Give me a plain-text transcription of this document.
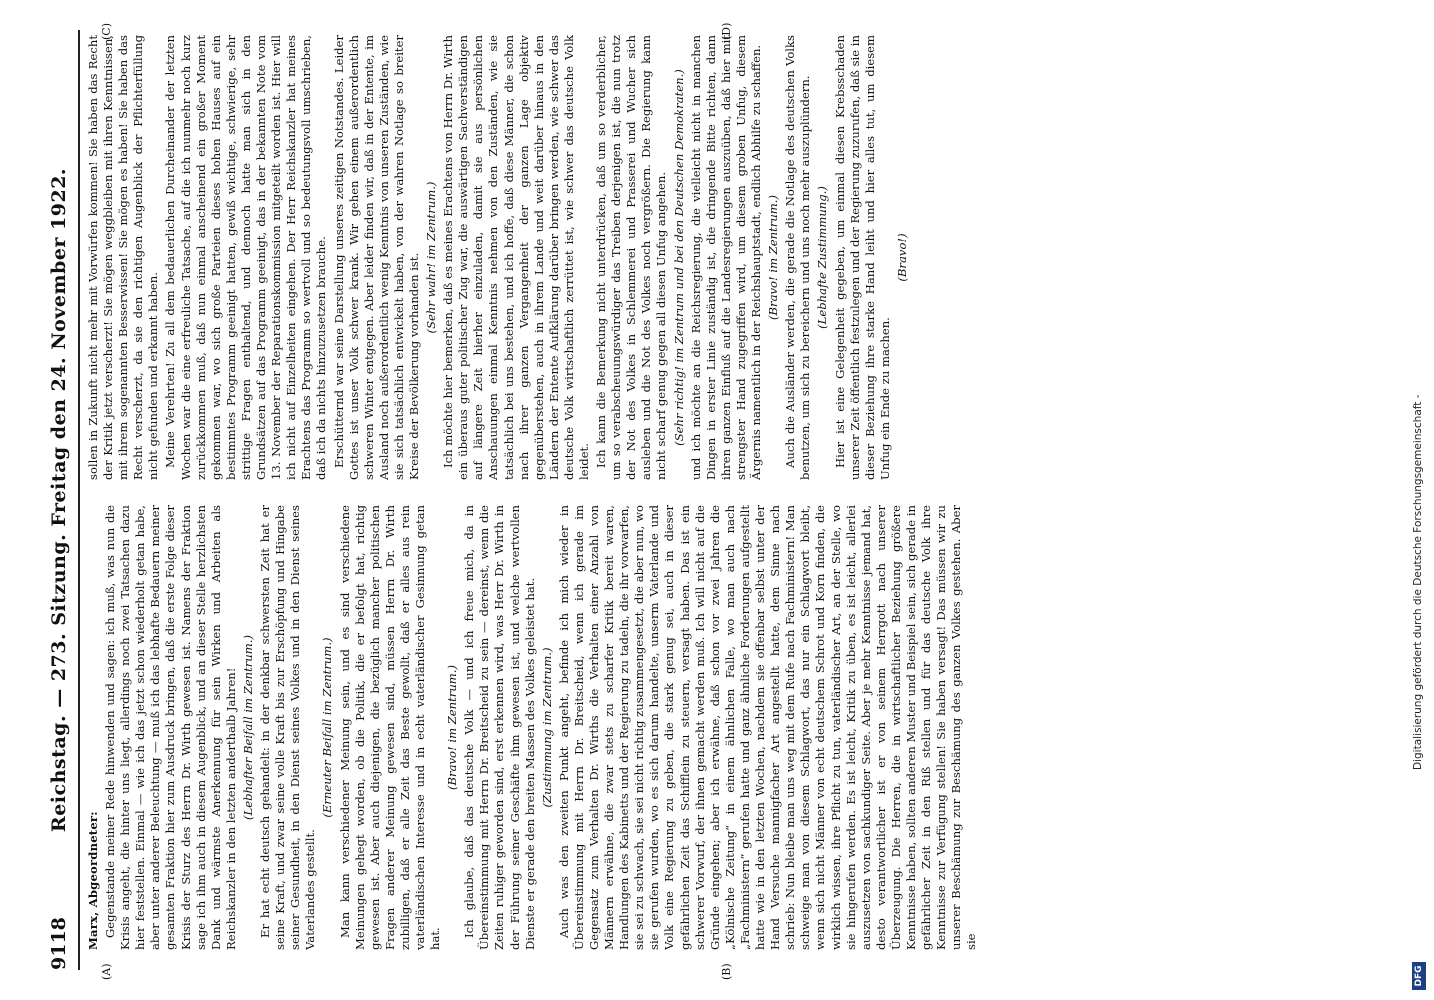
9118
Reichstag. — 273. Sitzung. Freitag den 24. November 1922.
(A)	(B)
(C)	(D)

Marx, Abgeordneter: Gegenstande meiner Rede hinwenden und sagen: ich muß, was nun die Krisis angeht, die hinter uns liegt, allerdings noch zwei Tatsachen dazu hier feststellen. Einmal — wie ich das jetzt schon wiederholt getan habe, aber unter anderer Beleuchtung — muß ich das lebhafte Bedauern meiner gesamten Fraktion hier zum Ausdruck bringen, daß die erste Folge dieser Krisis der Sturz des Herrn Dr. Wirth gewesen ist. Namens der Fraktion sage ich ihm auch in diesem Augenblick, und an dieser Stelle herzlichsten Dank und wärmste Anerkennung für sein Wirken und Arbeiten als Reichskanzler in den letzten anderthalb Jahren! (Lebhafter Beifall im Zentrum.) Er hat echt deutsch gehandelt: in der denkbar schwersten Zeit hat er seine Kraft, und zwar seine volle Kraft bis zur Erschöpfung und Hingabe seiner Gesundheit, in den Dienst seines Volkes und in den Dienst seines Vaterlandes gestellt.

(Erneuter Beifall im Zentrum.) Man kann verschiedener Meinung sein, und es sind verschiedene Meinungen gehegt worden, ob die Politik, die er befolgt hat, richtig gewesen ist. Aber auch diejenigen, die bezüglich mancher politischen Fragen anderer Meinung gewesen sind, müssen Herrn Dr. Wirth zubilligen, daß er alle Zeit das Beste gewollt, daß er alles aus rein vaterländischen Interesse und in echt vaterländischer Gesinnung getan hat.

(Bravo! im Zentrum.) Ich glaube, daß das deutsche Volk — und ich freue mich, da in Übereinstimmung mit Herrn Dr. Breitscheid zu sein — dereinst, wenn die Zeiten ruhiger geworden sind, erst erkennen wird, was Herr Dr. Wirth in der Führung seiner Geschäfte ihm gewesen ist, und welche wertvollen Dienste er gerade den breiten Massen des Volkes geleistet hat. (Zustimmung im Zentrum.) Auch was den zweiten Punkt angeht, befinde ich mich wieder in Übereinstimmung mit Herrn Dr. Breitscheid, wenn ich gerade im Gegensatz zum Verhalten Dr. Wirths die Verhalten einer Anzahl von Männern erwähne, die zwar stets zu scharfer Kritik bereit waren, Handlungen des Kabinetts und der Regierung zu tadeln, die ihr vorwarfen, sie sei zu schwach, sie sei nicht richtig zusammengesetzt, die aber nun, wo sie gerufen wurden, wo es sich darum handelte, unserm Vaterlande und Volk eine Regierung zu geben, die stark genug sei, auch in dieser gefährlichen Zeit das Schifflein zu steuern, versagt haben. Das ist ein schwerer Vorwurf, der ihnen gemacht werden muß. Ich will nicht auf die Gründe eingehen; aber ich erwähne, daß schon vor zwei Jahren die „Kölnische Zeitung“ in einem ähnlichen Falle, wo man auch nach „Fachministern“ gerufen hatte und ganz ähnliche Forderungen aufgestellt hatte wie in den letzten Wochen, nachdem sie offenbar selbst unter der Hand Versuche mannigfacher Art angestellt hatte, dem Sinne nach schrieb: Nun bleibe man uns weg mit dem Rufe nach Fachministern! Man schweige man von diesem Schlagwort, das nur ein Schlagwort bleibt, wenn sich nicht Männer von echt deutschem Schrot und Korn finden, die wirklich wissen, ihre Pflicht zu tun, vaterländischer Art, an der Stelle, wo sie hingerufen werden. Es ist leicht, Kritik zu üben, es ist leicht, allerlei auszusetzen von sachkundiger Seite. Aber je mehr Kenntnisse jemand hat, desto verantwortlicher ist er von seinem Herrgott nach unserer Überzeugung. Die Herren, die in wirtschaftlicher Beziehung größere Kenntnisse haben, sollten anderen Muster und Beispiel sein, sich gerade in gefährlicher Zeit in den Riß stellen und für das deutsche Volk ihre Kenntnisse zur Verfügung stellen! Sie haben versagt! Das müssen wir zu unserer Beschämung zur Beschämung des ganzen Volkes gestehen. Aber sie

sollen in Zukunft nicht mehr mit Vorwürfen kommen! Sie haben das Recht der Kritik jetzt verscherzt! Sie mögen weggbleiben mit ihren Kenntnissen, mit ihrem sogenannten Besserwissen! Sie mögen es haben! Sie haben das Recht verscherzt, da sie den richtigen Augenblick der Pflichterfüllung nicht gefunden und erkannt haben. Meine Verehrten! Zu all dem bedauerlichen Durcheinander der letzten Wochen war die eine erfreuliche Tatsache, auf die ich nunmehr noch kurz zurückkommen muß, daß nun einmal anscheinend ein großer Moment gekommen war, wo sich große Parteien dieses hohen Hauses auf ein bestimmtes Programm geeinigt hatten, gewiß wichtige, schwierige, sehr strittige Fragen enthaltend, und dennoch hatte man sich in den Grundsätzen auf das Programm geeinigt, das in der bekannten Note vom 13. November der Reparationskommission mitgeteilt worden ist. Hier will ich nicht auf Einzelheiten eingehen. Der Herr Reichskanzler hat meines Erachtens das Programm so wertvoll und so bedeutungsvoll umschrieben, daß ich da nichts hinzuzusetzen brauche. Erschütternd war seine Darstellung unseres zeitigen Notstandes. Leider Gottes ist unser Volk schwer krank. Wir gehen einem außerordentlich schweren Winter entgegen. Aber leider finden wir, daß in der Entente, im Ausland noch außerordentlich wenig Kenntnis von unseren Zuständen, wie sie sich tatsächlich entwickelt haben, von der wahren Notlage so breiter Kreise der Bevölkerung vorhanden ist. (Sehr wahr! im Zentrum.) Ich möchte hier bemerken, daß es meines Erachtens von Herrn Dr. Wirth ein überaus guter politischer Zug war, die auswärtigen Sachverständigen auf längere Zeit hierher einzuladen, damit sie aus persönlichen Anschauungen einmal Kenntnis nehmen von den Zuständen, wie sie tatsächlich bei uns bestehen, und ich hoffe, daß diese Männer, die schon nach ihrer ganzen Vergangenheit der ganzen Lage objektiv gegenüberstehen, auch in ihrem Lande und weit darüber hinaus in den Ländern der Entente Aufklärung darüber bringen werden, wie schwer das deutsche Volk wirtschaftlich zerrüttet ist, wie schwer das deutsche Volk leidet. Ich kann die Bemerkung nicht unterdrücken, daß um so verderblicher, um so verabscheuungswürdiger das Treiben derjenigen ist, die nun trotz der Not des Volkes in Schlemmerei und Prasserei und Wucher sich ausleben und die Not des Volkes noch vergrößern. Die Regierung kann nicht scharf genug gegen all diesen Unfug angehen. (Sehr richtig! im Zentrum und bei den Deutschen Demokraten.) und ich möchte an die Reichsregierung, die vielleicht nicht in manchen Dingen in erster Linie zuständig ist, die dringende Bitte richten, dann ihren ganzen Einfluß auf die Landesregierungen auszuüben, daß hier mit strengster Hand zugegriffen wird, um diesem groben Unfug, diesem Ärgernis namentlich in der Reichshauptstadt, endlich Abhilfe zu schaffen. (Bravo! im Zentrum.) Auch die Ausländer werden, die gerade die Notlage des deutschen Volks benutzen, um sich zu bereichern und uns noch mehr auszuplündern. (Lebhafte Zustimmung.) Hier ist eine Gelegenheit gegeben, um einmal diesen Krebsschaden unserer Zeit öffentlich festzulegen und der Regierung zuzurufen, daß sie in dieser Beziehung ihre starke Hand leiht und hier alles tut, um diesem Unfug ein Ende zu machen.

(Bravo!)

DFG
Digitalisierung gefördert durch die Deutsche Forschungsgemeinschaft -
